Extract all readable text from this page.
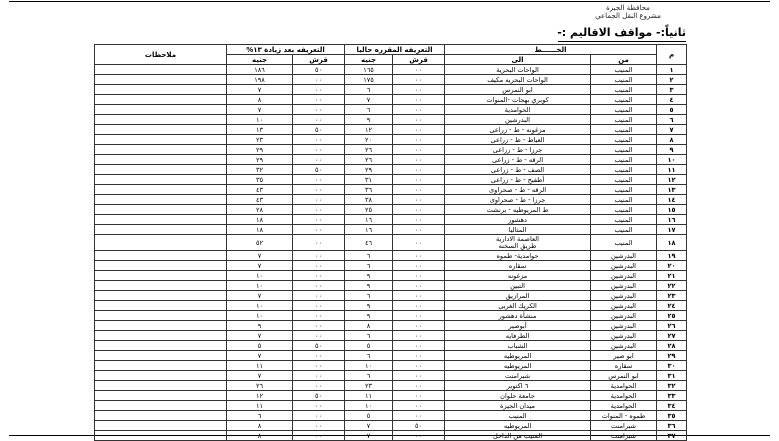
محافظة الجيزة
مشروع النقل الجماعي
ثانياً:- مواقف الاقاليم :-
م	الخــــــط		التعريفه المقرره حاليا		التعريفه بعد زيادة ١٣%		ملاحظات
	من	الى	قرش	جنيه	قرش	جنيه	
١	المنيب	الواحات البحرية	٠٠	١٦٥	٥٠	١٨٦	
٢	المنيب	الواحات البحريه مكيف	٠٠	١٧٥	٠٠	١٩٨	
٣	المنيب	ابو النمرس	٠٠	٦	٠٠	٧	
٤	المنيب	كوبري بهجات -المنوات	٠٠	٧	٠٠	٨	
٥	المنيب	الحوامدية	٠٠	٦	٠٠	٧	
٦	المنيب	البدرشين	٠٠	٩	٠٠	١٠	
٧	المنيب	مزغونه - ط - زراعى	٠٠	١٢	٥٠	١٣	
٨	المنيب	العياط - ط - زراعى	٠٠	٢٠	٠٠	٢٣	
٩	المنيب	جرزا - ط - زراعى	٠٠	٢٦	٠٠	٢٩	
١٠	المنيب	الرقه - ط - زراعى	٠٠	٢٦	٠٠	٢٩	
١١	المنيب	الصف - ط - زراعى	٠٠	٢٩	٥٠	٣٢	
١٢	المنيب	أطفيح - ط - زراعى	٠٠	٣١	٠٠	٣٥	
١٣	المنيب	الرقه - ط - صحراوى	٠٠	٣٦	٠٠	٤٣	
١٤	المنيب	جرزا - ط - صحراوى	٠٠	٣٨	٠٠	٤٣	
١٥	المنيب	ط المريوطيه - برنشت	٠٠	٢٥	٠٠	٢٨	
١٦	المنيب	دهشور	٠٠	١٦	٠٠	١٨	
١٧	المنيب	المثاليا	٠٠	١٦	٠٠	١٨	
١٨	المنيب	العاصمة الادارية
طريق السخنه	٠٠	٤٦	٠٠	٥٢	
١٩	البدرشين	حوامدية- طموه	٠٠	٦	٠٠	٧	
٢٠	البدرشين	سقاره	٠٠	٦	٠٠	٧	
٢١	البدرشين	مزغونه	٠٠	٩	٠٠	١٠	
٢٢	البدرشين	التبين	٠٠	٩	٠٠	١٠	
٢٣	البدرشين	المرازيق	٠٠	٦	٠٠	٧	
٢٤	البدرشين	الكريك الغربى	٠٠	٩	٠٠	١٠	
٢٥	البدرشين	منشأة دهشور	٠٠	٩	٠٠	١٠	
٢٦	البدرشين	أبوصير	٠٠	٨	٠٠	٩	
٢٧	البدرشين	الطرفايه	٠٠	٦	٠٠	٧	
٢٨	البدرشين	الشباب	٠٠	٥	٥٠	٥	
٢٩	ابو صير	المريوطيه	٠٠	٦	٠٠	٧	
٣٠	سقاره	المريوطيه	٠٠	١٠	٠٠	١١	
٣١	ابو النمرس	شبرامنت	٠٠	٦	٠٠	٧	
٣٢	الحوامدية	٦ اكتوبر	٠٠	٢٣	٠٠	٢٦	
٣٣	الحوامدية	جامعة حلوان	٠٠	١١	٥٠	١٢	
٣٤	الحوامدية	ميدان الجيزة	٠٠	١٠	٠٠	١١	
٣٥	طموه - المنوات	المنيب	٠٠	٥	٠٠	٦	
٣٦	شبرامنت	المريوطيه	٥٠	٧	٠٠	٨	
٣٧	شبرامنت	المنيب من الداخل	٠٠	٧	٠٠	٨	
